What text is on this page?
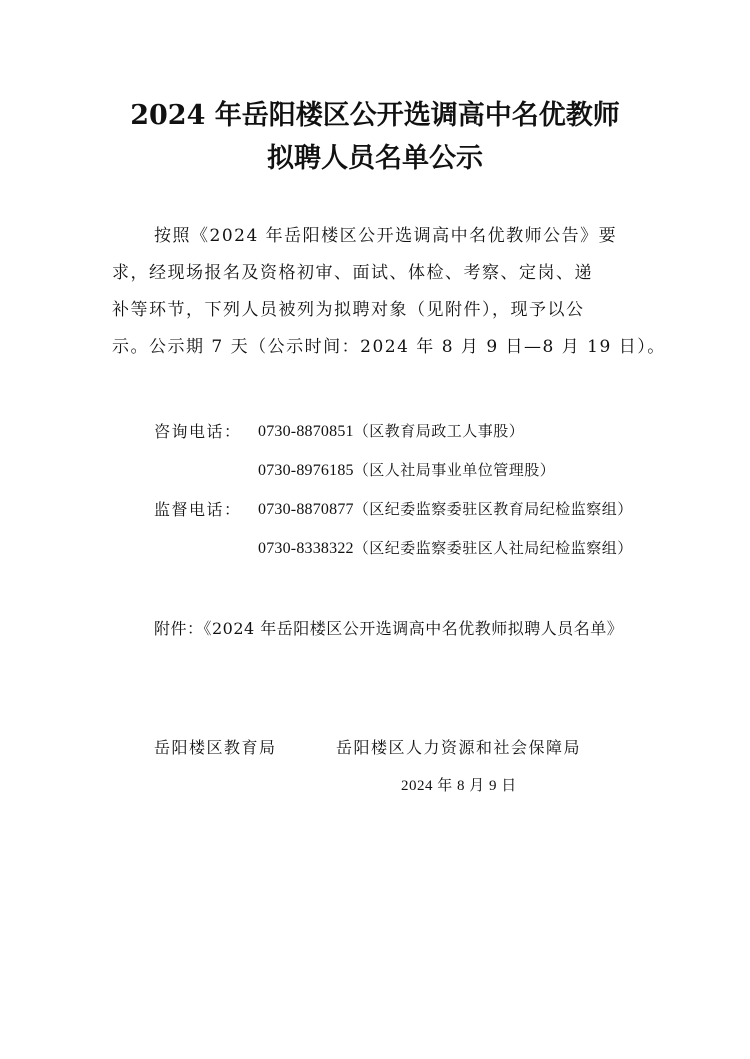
2024 年岳阳楼区公开选调高中名优教师
拟聘人员名单公示
按照《2024 年岳阳楼区公开选调高中名优教师公告》要
求，经现场报名及资格初审、面试、体检、考察、定岗、递
补等环节，下列人员被列为拟聘对象（见附件），现予以公
示。公示期 7 天（公示时间：2024 年 8 月 9 日—8 月 19 日）。
咨询电话： 0730-8870851（区教育局政工人事股）
0730-8976185（区人社局事业单位管理股）
监督电话： 0730-8870877（区纪委监察委驻区教育局纪检监察组）
0730-8338322（区纪委监察委驻区人社局纪检监察组）
附件：《2024 年岳阳楼区公开选调高中名优教师拟聘人员名单》
岳阳楼区教育局	岳阳楼区人力资源和社会保障局
2024 年 8 月 9 日
